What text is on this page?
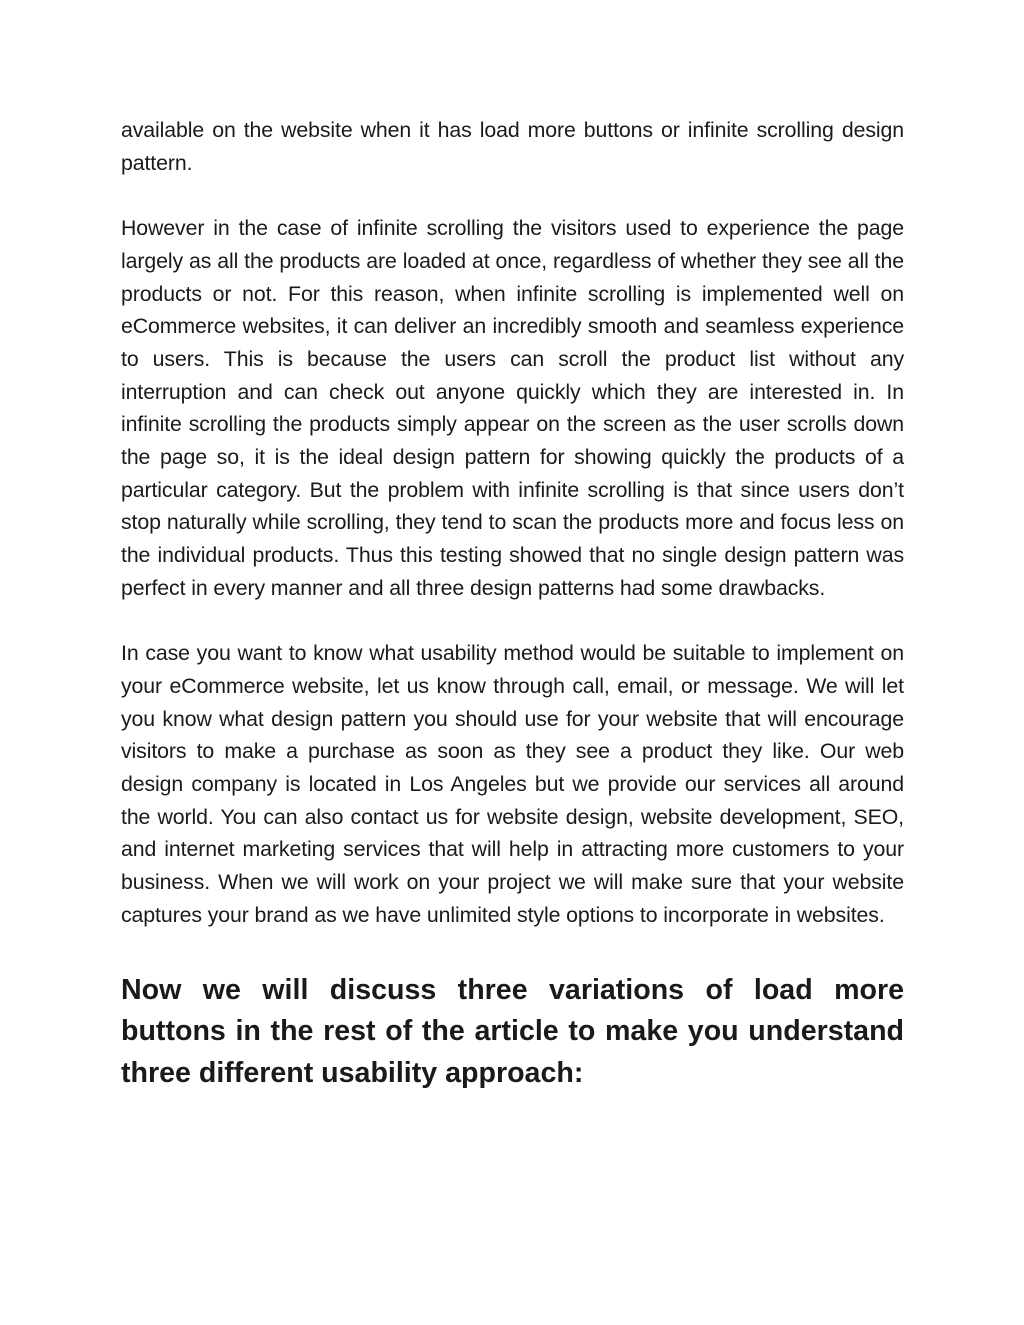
available on the website when it has load more buttons or infinite scrolling design pattern.

However in the case of infinite scrolling the visitors used to experience the page largely as all the products are loaded at once, regardless of whether they see all the products or not. For this reason, when infinite scrolling is implemented well on eCommerce websites, it can deliver an incredibly smooth and seamless experience to users. This is because the users can scroll the product list without any interruption and can check out anyone quickly which they are interested in. In infinite scrolling the products simply appear on the screen as the user scrolls down the page so, it is the ideal design pattern for showing quickly the products of a particular category. But the problem with infinite scrolling is that since users don’t stop naturally while scrolling, they tend to scan the products more and focus less on the individual products. Thus this testing showed that no single design pattern was perfect in every manner and all three design patterns had some drawbacks.

In case you want to know what usability method would be suitable to implement on your eCommerce website, let us know through call, email, or message. We will let you know what design pattern you should use for your website that will encourage visitors to make a purchase as soon as they see a product they like. Our web design company is located in Los Angeles but we provide our services all around the world. You can also contact us for website design, website development, SEO, and internet marketing services that will help in attracting more customers to your business. When we will work on your project we will make sure that your website captures your brand as we have unlimited style options to incorporate in websites.

Now we will discuss three variations of load more buttons in the rest of the article to make you understand three different usability approach:
